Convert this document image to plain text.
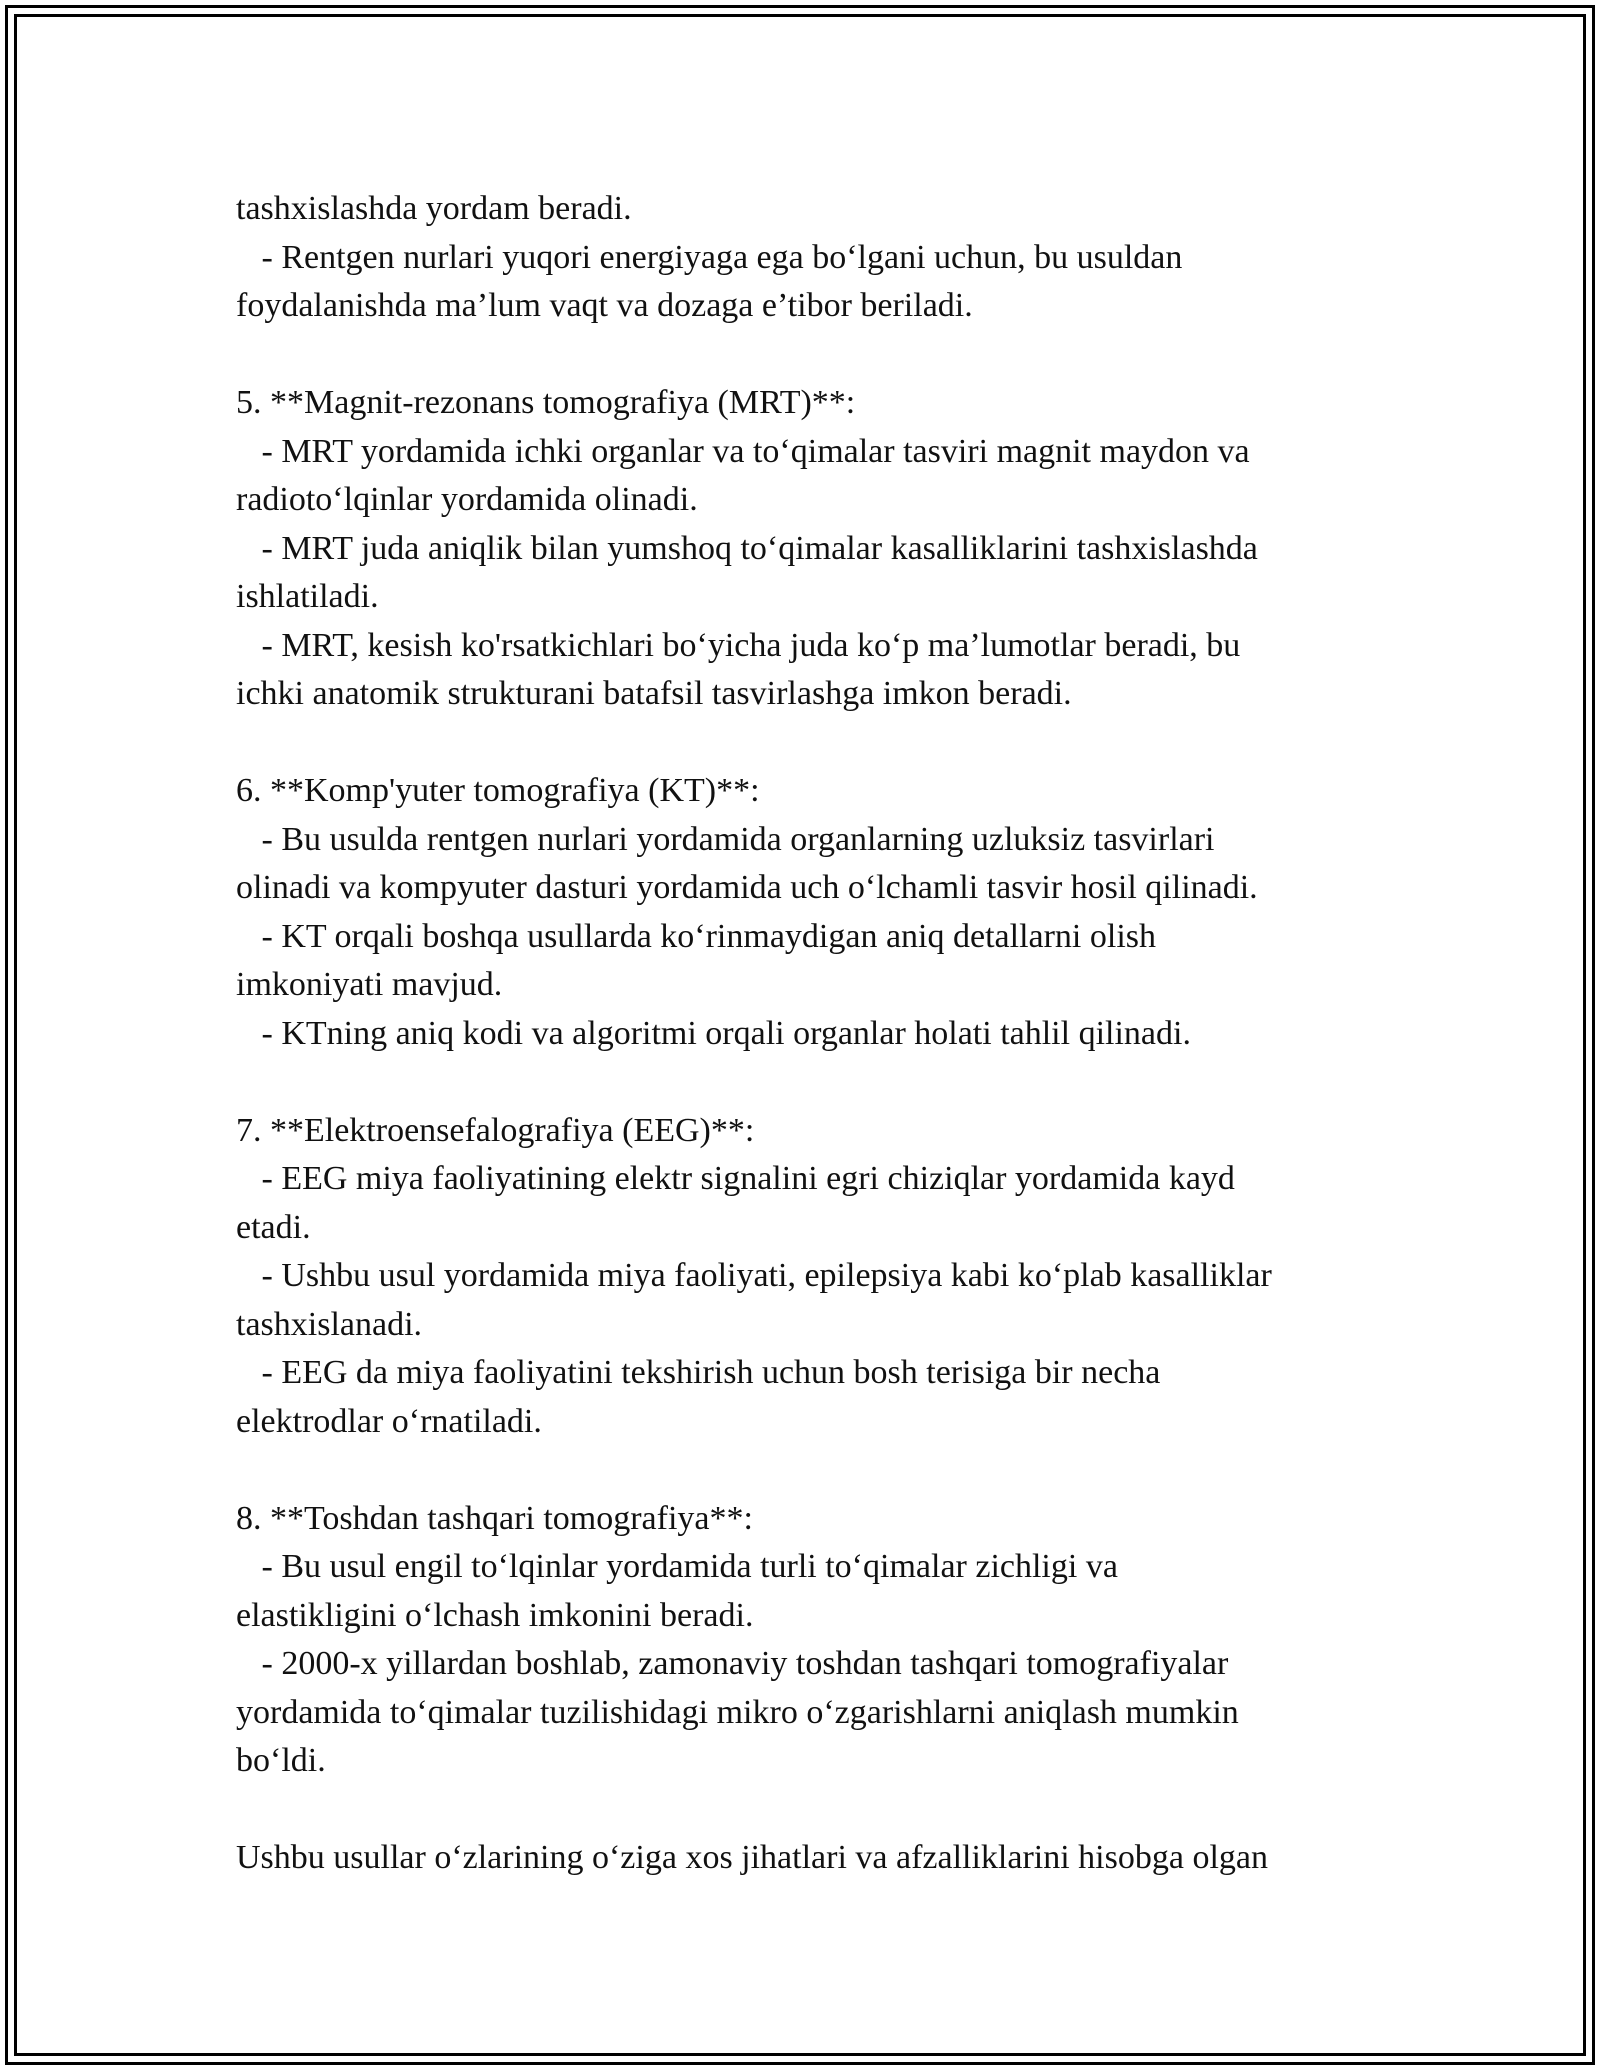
tashxislashda yordam beradi.
- Rentgen nurlari yuqori energiyaga ega bo‘lgani uchun, bu usuldan
foydalanishda ma’lum vaqt va dozaga e’tibor beriladi.
5. **Magnit-rezonans tomografiya (MRT)**:
- MRT yordamida ichki organlar va to‘qimalar tasviri magnit maydon va
radioto‘lqinlar yordamida olinadi.
- MRT juda aniqlik bilan yumshoq to‘qimalar kasalliklarini tashxislashda
ishlatiladi.
- MRT, kesish ko'rsatkichlari bo‘yicha juda ko‘p ma’lumotlar beradi, bu
ichki anatomik strukturani batafsil tasvirlashga imkon beradi.
6. **Komp'yuter tomografiya (KT)**:
- Bu usulda rentgen nurlari yordamida organlarning uzluksiz tasvirlari
olinadi va kompyuter dasturi yordamida uch o‘lchamli tasvir hosil qilinadi.
- KT orqali boshqa usullarda ko‘rinmaydigan aniq detallarni olish
imkoniyati mavjud.
- KTning aniq kodi va algoritmi orqali organlar holati tahlil qilinadi.
7. **Elektroensefalografiya (EEG)**:
- EEG miya faoliyatining elektr signalini egri chiziqlar yordamida kayd
etadi.
- Ushbu usul yordamida miya faoliyati, epilepsiya kabi ko‘plab kasalliklar
tashxislanadi.
- EEG da miya faoliyatini tekshirish uchun bosh terisiga bir necha
elektrodlar o‘rnatiladi.
8. **Toshdan tashqari tomografiya**:
- Bu usul engil to‘lqinlar yordamida turli to‘qimalar zichligi va
elastikligini o‘lchash imkonini beradi.
- 2000-x yillardan boshlab, zamonaviy toshdan tashqari tomografiyalar
yordamida to‘qimalar tuzilishidagi mikro o‘zgarishlarni aniqlash mumkin
bo‘ldi.
Ushbu usullar o‘zlarining o‘ziga xos jihatlari va afzalliklarini hisobga olgan
